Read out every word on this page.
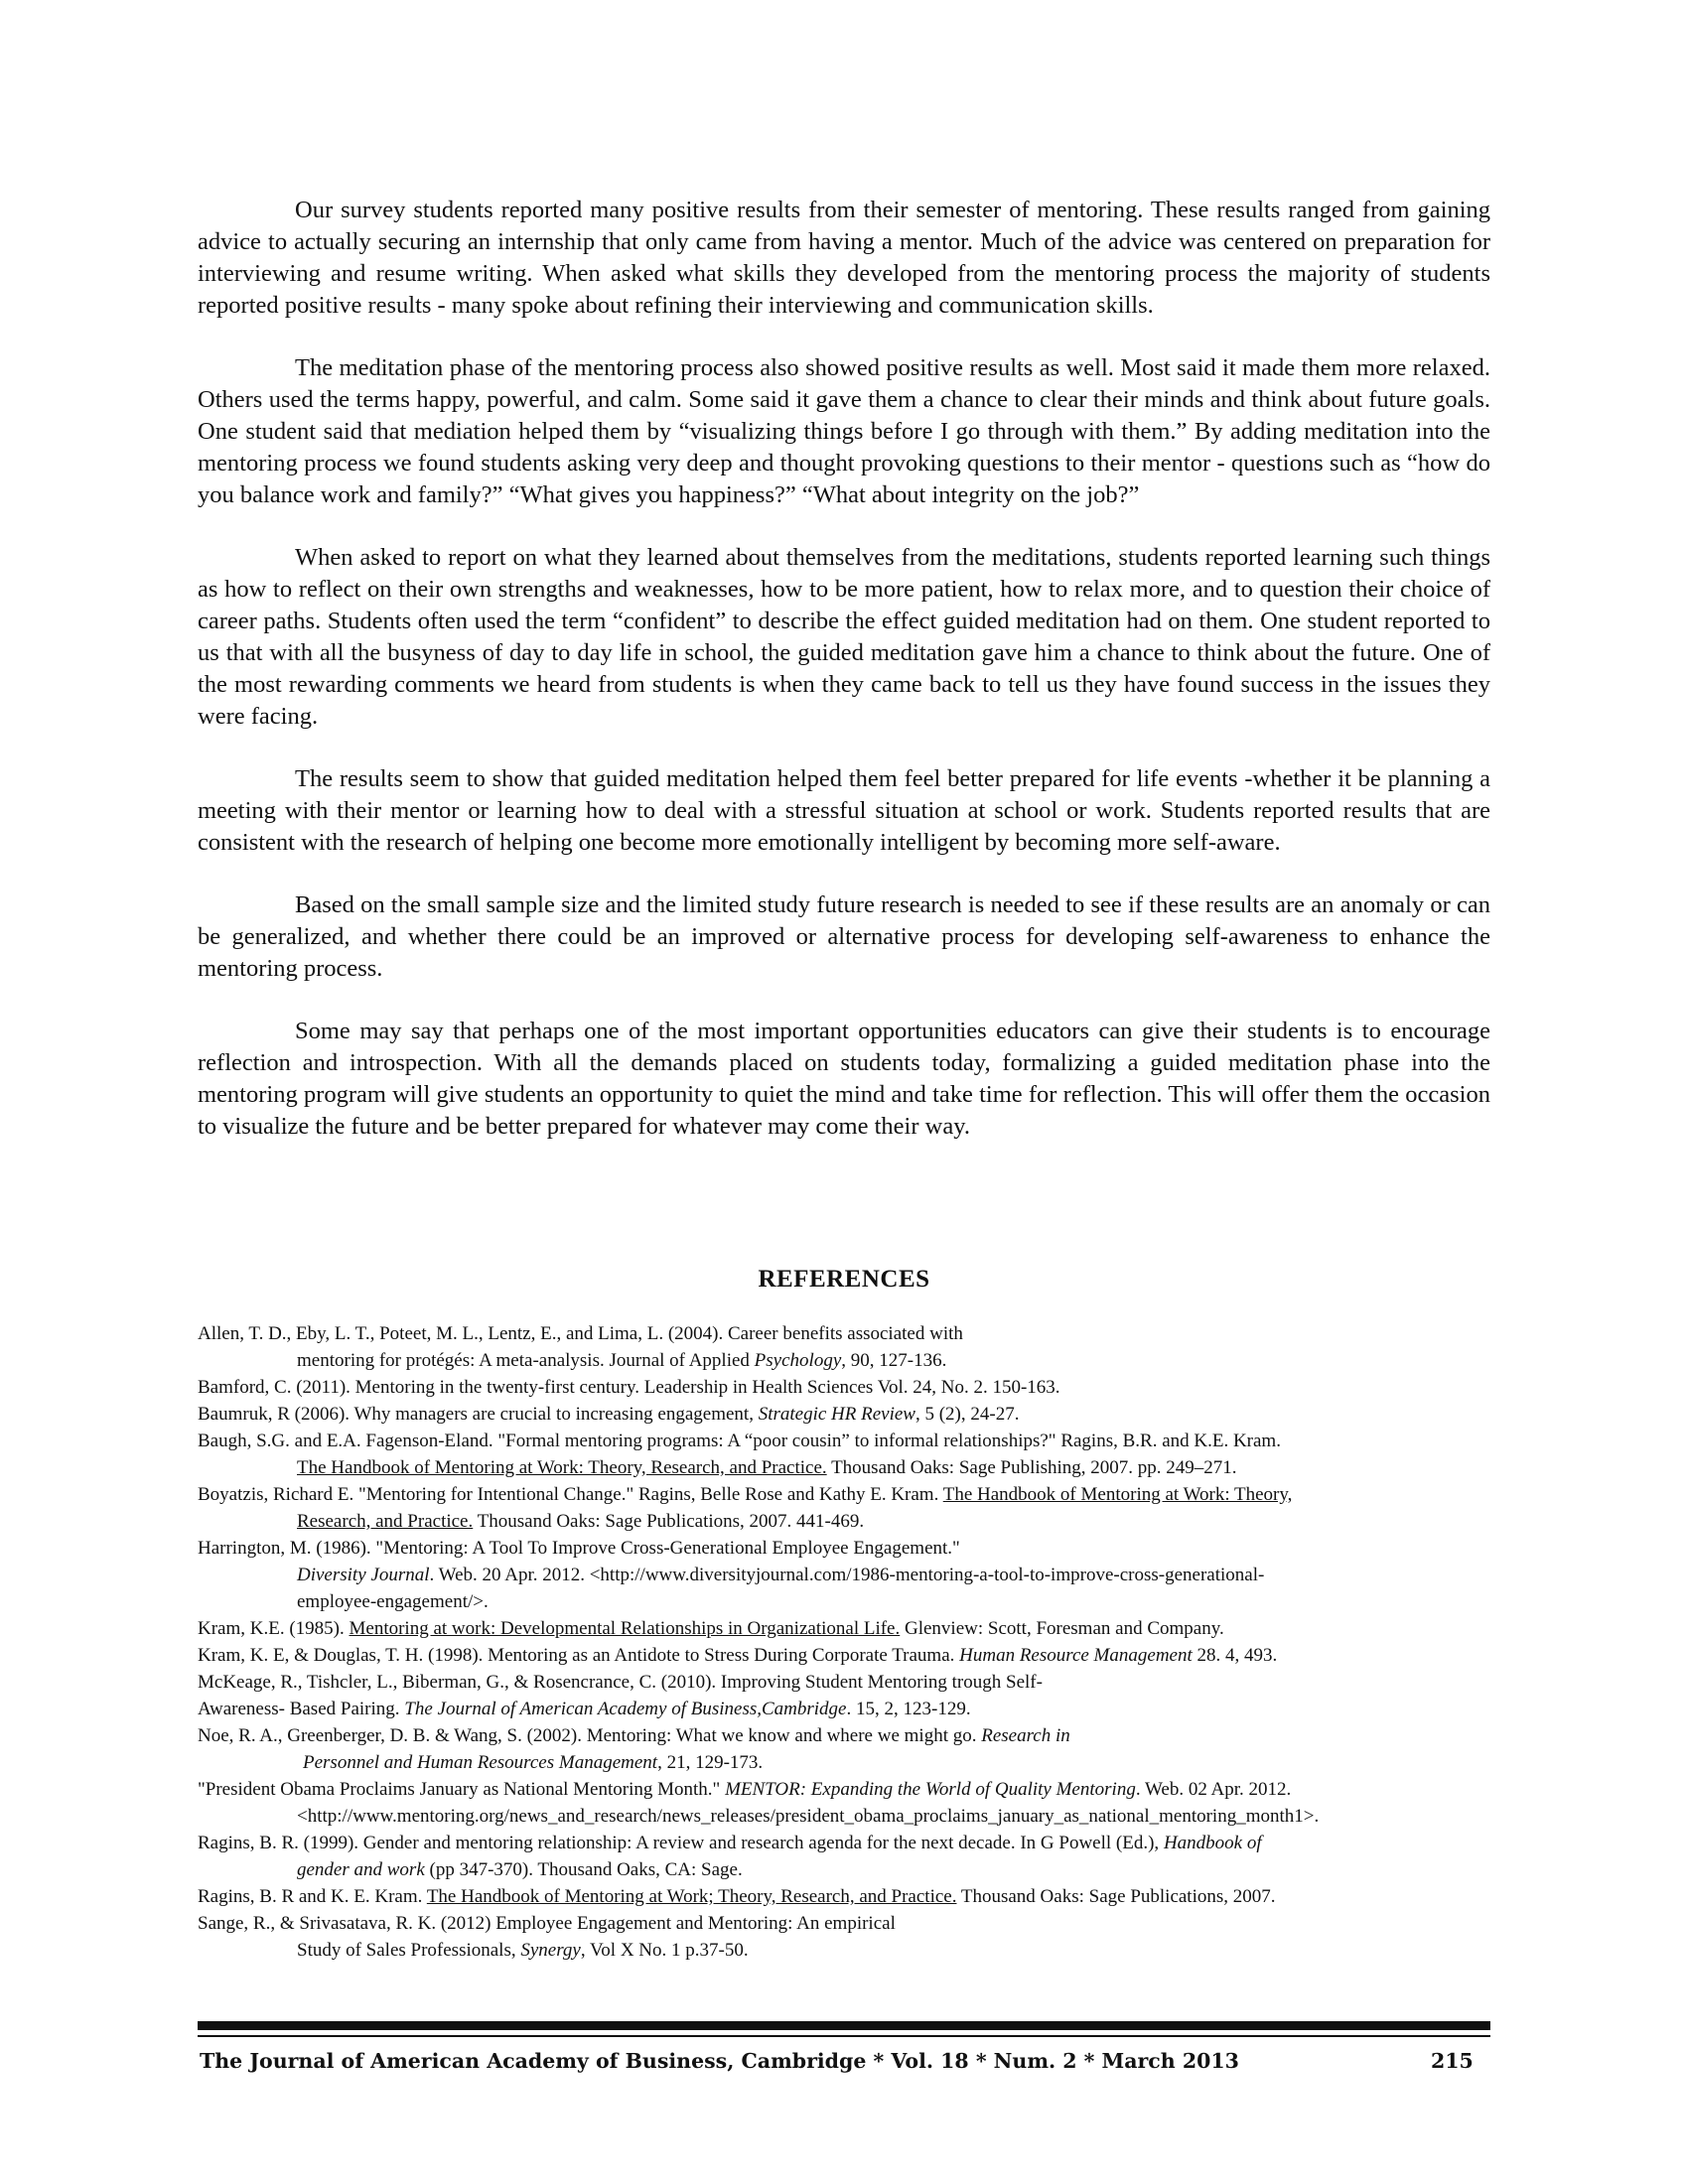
Our survey students reported many positive results from their semester of mentoring. These results ranged from gaining advice to actually securing an internship that only came from having a mentor. Much of the advice was centered on preparation for interviewing and resume writing. When asked what skills they developed from the mentoring process the majority of students reported positive results - many spoke about refining their interviewing and communication skills.

The meditation phase of the mentoring process also showed positive results as well. Most said it made them more relaxed. Others used the terms happy, powerful, and calm. Some said it gave them a chance to clear their minds and think about future goals. One student said that mediation helped them by “visualizing things before I go through with them.” By adding meditation into the mentoring process we found students asking very deep and thought provoking questions to their mentor - questions such as “how do you balance work and family?” “What gives you happiness?” “What about integrity on the job?”

When asked to report on what they learned about themselves from the meditations, students reported learning such things as how to reflect on their own strengths and weaknesses, how to be more patient, how to relax more, and to question their choice of career paths. Students often used the term “confident” to describe the effect guided meditation had on them. One student reported to us that with all the busyness of day to day life in school, the guided meditation gave him a chance to think about the future. One of the most rewarding comments we heard from students is when they came back to tell us they have found success in the issues they were facing.

The results seem to show that guided meditation helped them feel better prepared for life events -whether it be planning a meeting with their mentor or learning how to deal with a stressful situation at school or work. Students reported results that are consistent with the research of helping one become more emotionally intelligent by becoming more self-aware.

Based on the small sample size and the limited study future research is needed to see if these results are an anomaly or can be generalized, and whether there could be an improved or alternative process for developing self-awareness to enhance the mentoring process.

Some may say that perhaps one of the most important opportunities educators can give their students is to encourage reflection and introspection. With all the demands placed on students today, formalizing a guided meditation phase into the mentoring program will give students an opportunity to quiet the mind and take time for reflection. This will offer them the occasion to visualize the future and be better prepared for whatever may come their way.

REFERENCES
Allen, T. D., Eby, L. T., Poteet, M. L., Lentz, E., and Lima, L. (2004). Career benefits associated with
mentoring for protégés: A meta-analysis. Journal of Applied Psychology, 90, 127-136.
Bamford, C. (2011). Mentoring in the twenty-first century. Leadership in Health Sciences Vol. 24, No. 2. 150-163.
Baumruk, R (2006). Why managers are crucial to increasing engagement, Strategic HR Review, 5 (2), 24-27.
Baugh, S.G. and E.A. Fagenson-Eland. "Formal mentoring programs: A “poor cousin” to informal relationships?" Ragins, B.R. and K.E. Kram.
The Handbook of Mentoring at Work: Theory, Research, and Practice. Thousand Oaks: Sage Publishing, 2007. pp. 249–271.
Boyatzis, Richard E. "Mentoring for Intentional Change." Ragins, Belle Rose and Kathy E. Kram. The Handbook of Mentoring at Work: Theory,
Research, and Practice. Thousand Oaks: Sage Publications, 2007. 441-469.
Harrington, M. (1986). "Mentoring: A Tool To Improve Cross-Generational Employee Engagement."
Diversity Journal. Web. 20 Apr. 2012. <http://www.diversityjournal.com/1986-mentoring-a-tool-to-improve-cross-generational-
employee-engagement/>.
Kram, K.E. (1985). Mentoring at work: Developmental Relationships in Organizational Life. Glenview: Scott, Foresman and Company.
Kram, K. E, & Douglas, T. H. (1998). Mentoring as an Antidote to Stress During Corporate Trauma. Human Resource Management 28. 4, 493.
McKeage, R., Tishcler, L., Biberman, G., & Rosencrance, C. (2010). Improving Student Mentoring trough Self-
Awareness- Based Pairing. The Journal of American Academy of Business,Cambridge. 15, 2, 123-129.
Noe, R. A., Greenberger, D. B. & Wang, S. (2002). Mentoring: What we know and where we might go. Research in
Personnel and Human Resources Management, 21, 129-173.
"President Obama Proclaims January as National Mentoring Month." MENTOR: Expanding the World of Quality Mentoring. Web. 02 Apr. 2012.
<http://www.mentoring.org/news_and_research/news_releases/president_obama_proclaims_january_as_national_mentoring_month1>.
Ragins, B. R. (1999). Gender and mentoring relationship: A review and research agenda for the next decade. In G Powell (Ed.), Handbook of
gender and work (pp 347-370). Thousand Oaks, CA: Sage.
Ragins, B. R and K. E. Kram. The Handbook of Mentoring at Work; Theory, Research, and Practice. Thousand Oaks: Sage Publications, 2007.
Sange, R., & Srivasatava, R. K. (2012) Employee Engagement and Mentoring: An empirical
Study of Sales Professionals, Synergy, Vol X No. 1 p.37-50.
The Journal of American Academy of Business, Cambridge * Vol. 18 * Num. 2 * March 2013	215
